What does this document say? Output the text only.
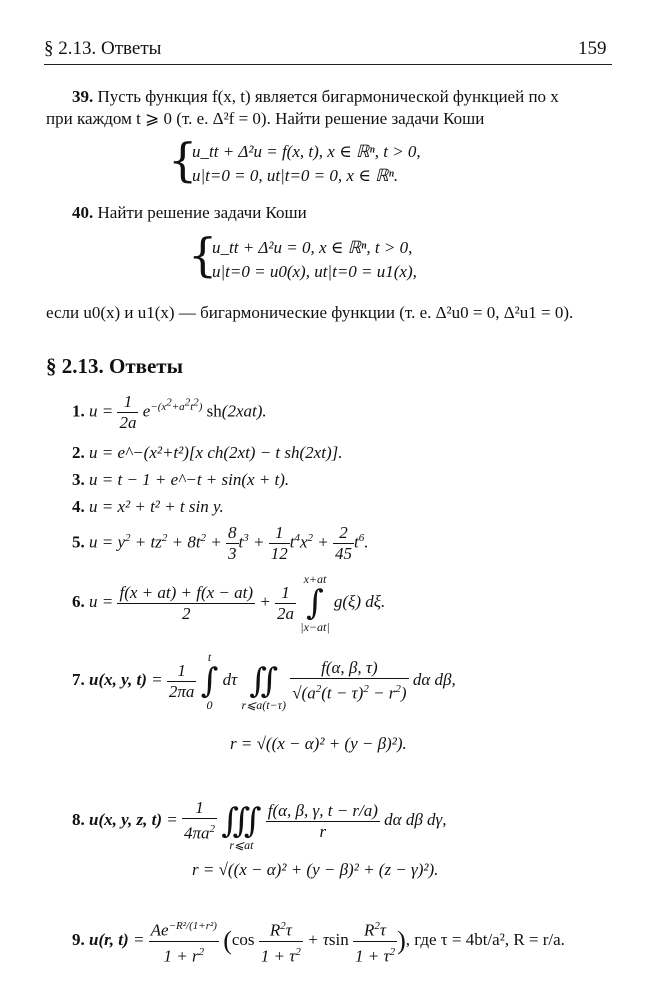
§ 2.13. Ответы	159
39. Пусть функция f(x, t) является бигармонической функцией по x
при каждом t ⩾ 0 (т. е. Δ²f = 0). Найти решение задачи Коши
{
u_tt + Δ²u = f(x, t), x ∈ ℝⁿ, t > 0,
u|t=0 = 0, ut|t=0 = 0, x ∈ ℝⁿ.
40. Найти решение задачи Коши
{
u_tt + Δ²u = 0, x ∈ ℝⁿ, t > 0,
u|t=0 = u0(x), ut|t=0 = u1(x),
если u0(x) и u1(x) — бигармонические функции (т. е. Δ²u0 = 0, Δ²u1 = 0).
§ 2.13. Ответы
1. $u = \frac{1}{2a} e^{-(x^2+a^2t^2)}$ sh(2xat).
2. u = e^−(x²+t²)[x ch(2xt) − t sh(2xt)].
3. u = t − 1 + e^−t + sin(x + t).
4. u = x² + t² + t sin y.
5. $u = y^2 + tz^2 + 8t^2 + \frac{8}{3} t^3 + \frac{1}{12} t^4x^2 + \frac{2}{45} t^6$.
6. $u = \frac{f(x + at) + f(x - at)}{2} + \frac{1}{2a}$

x+at
∫
|x−at|
g(ξ) dξ.
7. u(x, y, $t) = \frac{1}{2\pi a}$

t
∫
0
dτ
∬
r⩽a(t−τ)

$\frac{f(\alpha, \beta, \tau)}{√(a^2(t - \tau)^2 - r^2)}$ dα dβ,
r = √((x − α)² + (y − β)²).
8. u(x, y, z, $t) = \frac{1}{4\pi a^2}$

∭
r⩽at

$\frac{f(\alpha, \beta, \gamma, t - r/a)}{r}$ dα dβ dγ,
r = √((x − α)² + (y − β)² + (z − γ)²).
9. u(r, $t) = \frac{Ae^{-R^2/(1+r^2)}}{1 + r^2} (\cos \frac{R^2\tau}{1 + \tau^2} + \tau\sin \frac{R^2\tau}{1 + \tau^2}$ ), где τ = 4bt/a², R = r/a.
